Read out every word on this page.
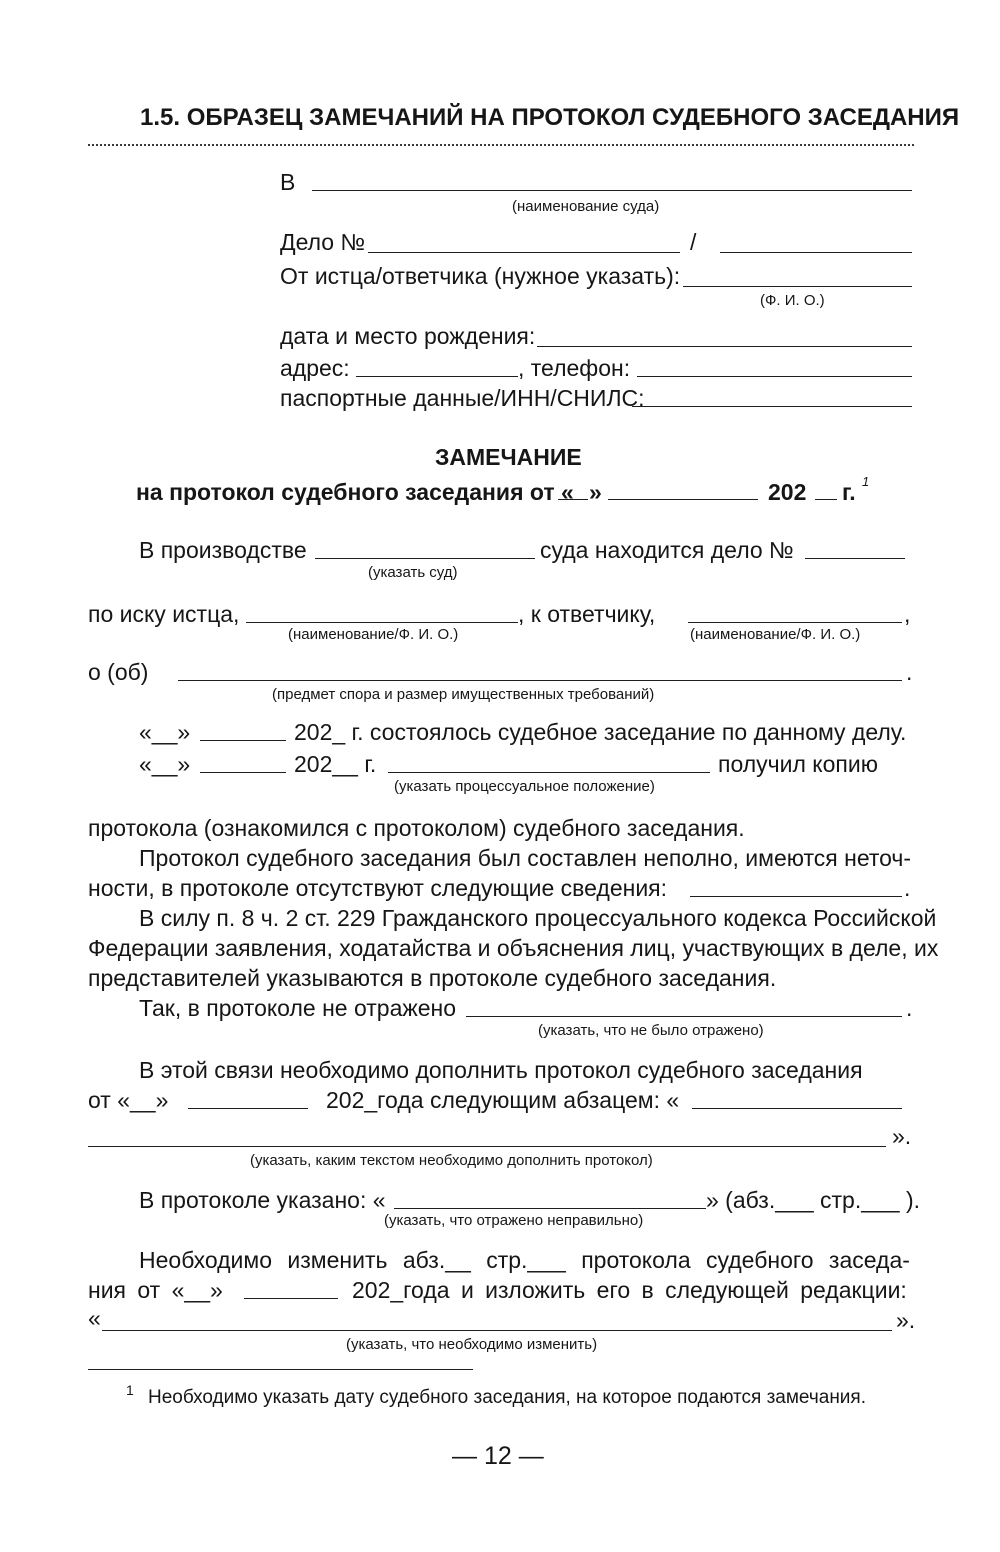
1.5. ОБРАЗЕЦ ЗАМЕЧАНИЙ НА ПРОТОКОЛ СУДЕБНОГО ЗАСЕДАНИЯ
В
(наименование суда)
Дело №	/
От истца/ответчика (нужное указать):
(Ф. И. О.)
дата и место рождения:
адрес:	, телефон:
паспортные данные/ИНН/СНИЛС:
ЗАМЕЧАНИЕ
на протокол судебного заседания от « »	202 г. 1
В производстве	суда находится дело №
(указать суд)
по иску истца,	, к ответчику,	,
(наименование/Ф. И. О.)	(наименование/Ф. И. О.)
о (об)	.
(предмет спора и размер имущественных требований)
«__»	202_ г. состоялось судебное заседание по данному делу.
«__»	202__ г.	получил копию
(указать процессуальное положение)
протокола (ознакомился с протоколом) судебного заседания.
Протокол судебного заседания был составлен неполно, имеются неточ-
ности, в протоколе отсутствуют следующие сведения:	.
В силу п. 8 ч. 2 ст. 229 Гражданского процессуального кодекса Российской
Федерации заявления, ходатайства и объяснения лиц, участвующих в деле, их
представителей указываются в протоколе судебного заседания.
Так, в протоколе не отражено	.
(указать, что не было отражено)
В этой связи необходимо дополнить протокол судебного заседания
от «__»	202_года следующим абзацем: «
».
(указать, каким текстом необходимо дополнить протокол)
В протоколе указано: «	» (абз.___ стр.___ ).
(указать, что отражено неправильно)
Необходимо изменить абз.__ стр.___ протокола судебного заседа-
ния от «__»	202_года и изложить его в следующей редакции:
«	».
(указать, что необходимо изменить)
1 Необходимо указать дату судебного заседания, на которое подаются замечания.
— 12 —
